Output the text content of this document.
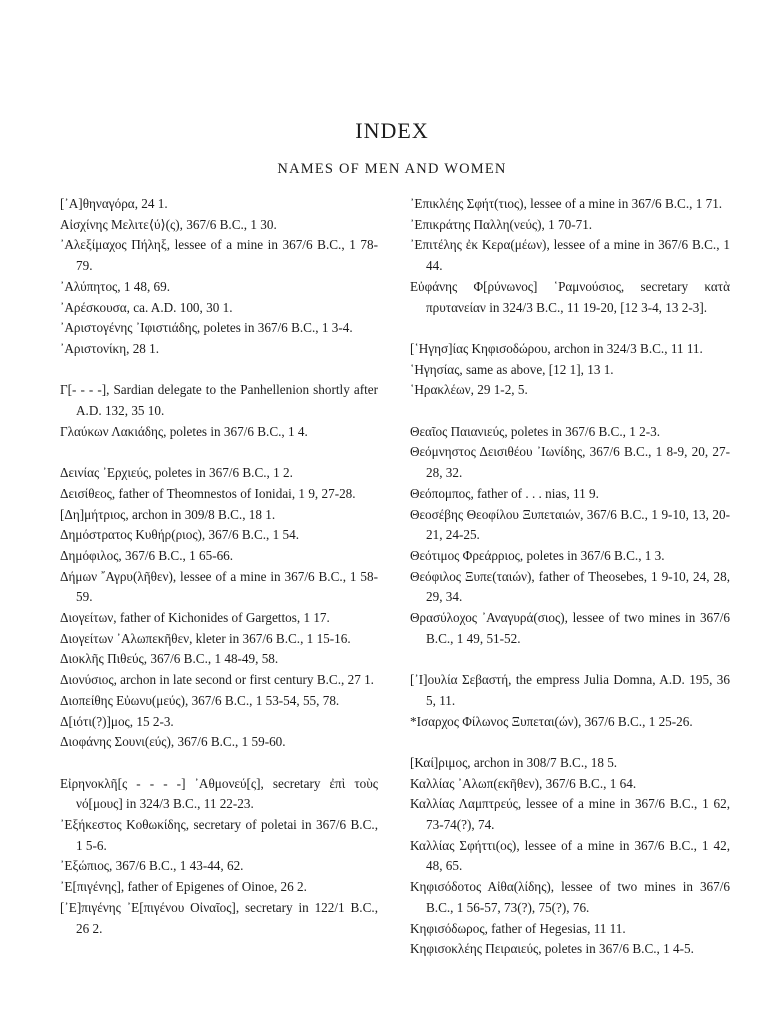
INDEX
NAMES OF MEN AND WOMEN
[᾿Α]θηναγόρα, 24 1.
Αἰσχίνης Μελιτε⟨ύ⟩(ς), 367/6 B.C., 1 30.
᾿Αλεξίμαχος Πήληξ, lessee of a mine in 367/6 B.C., 1 78-79.
᾿Αλύπητος, 1 48, 69.
᾿Αρέσκουσα, ca. A.D. 100, 30 1.
᾿Αριστογένης ᾿Ιφιστιάδης, poletes in 367/6 B.C., 1 3-4.
᾿Αριστονίκη, 28 1.
Γ[- - - -], Sardian delegate to the Panhellenion shortly after A.D. 132, 35 10.
Γλαύκων Λακιάδης, poletes in 367/6 B.C., 1 4.
Δεινίας ᾿Ερχιεύς, poletes in 367/6 B.C., 1 2.
Δεισίθεος, father of Theomnestos of Ionidai, 1 9, 27-28.
[Δη]μήτριος, archon in 309/8 B.C., 18 1.
Δημόστρατος Κυθήρ(ριος), 367/6 B.C., 1 54.
Δημόφιλος, 367/6 B.C., 1 65-66.
Δήμων ῎Αγρυ(λῆθεν), lessee of a mine in 367/6 B.C., 1 58-59.
Διογείτων, father of Kichonides of Gargettos, 1 17.
Διογείτων ᾿Αλωπεκῆθεν, kleter in 367/6 B.C., 1 15-16.
Διοκλῆς Πιθεύς, 367/6 B.C., 1 48-49, 58.
Διονύσιος, archon in late second or first century B.C., 27 1.
Διοπείθης Εὐωνυ(μεύς), 367/6 B.C., 1 53-54, 55, 78.
Δ[ιότι(?)]μος, 15 2-3.
Διοφάνης Σουνι(εύς), 367/6 B.C., 1 59-60.
Εἰρηνοκλῆ[ς - - - -] ᾿Αθμονεύ[ς], secretary ἐπὶ τοὺς νό[μους] in 324/3 B.C., 11 22-23.
᾿Εξήκεστος Κοθωκίδης, secretary of poletai in 367/6 B.C., 1 5-6.
᾿Εξώπιος, 367/6 B.C., 1 43-44, 62.
᾿Ε[πιγένης], father of Epigenes of Oinoe, 26 2.
[᾿Ε]πιγένης ᾿Ε[πιγένου Οἰναῖος], secretary in 122/1 B.C., 26 2.
᾿Επικλέης Σφήτ(τιος), lessee of a mine in 367/6 B.C., 1 71.
᾿Επικράτης Παλλη(νεύς), 1 70-71.
᾿Επιτέλης ἐκ Κερα(μέων), lessee of a mine in 367/6 B.C., 1 44.
Εὐφάνης Φ[ρύνωνος] ῾Ραμνούσιος, secretary κατὰ πρυτανείαν in 324/3 B.C., 11 19-20, [12 3-4, 13 2-3].
[῾Ηγησ]ίας Κηφισοδώρου, archon in 324/3 B.C., 11 11.
῾Ηγησίας, same as above, [12 1], 13 1.
῾Ηρακλέων, 29 1-2, 5.
Θεαῖος Παιανιεύς, poletes in 367/6 B.C., 1 2-3.
Θεόμνηστος Δεισιθέου ᾿Ιωνίδης, 367/6 B.C., 1 8-9, 20, 27-28, 32.
Θεόπομπος, father of . . . nias, 11 9.
Θεοσέβης Θεοφίλου Ξυπεταιών, 367/6 B.C., 1 9-10, 13, 20-21, 24-25.
Θεότιμος Φρεάρριος, poletes in 367/6 B.C., 1 3.
Θεόφιλος Ξυπε(ταιών), father of Theosebes, 1 9-10, 24, 28, 29, 34.
Θρασύλοχος ᾿Αναγυρά(σιος), lessee of two mines in 367/6 B.C., 1 49, 51-52.
[᾿Ι]ουλία Σεβαστή, the empress Julia Domna, A.D. 195, 36 5, 11.
*Ισαρχος Φίλωνος Ξυπεται(ών), 367/6 B.C., 1 25-26.
[Καί]ριμος, archon in 308/7 B.C., 18 5.
Καλλίας ᾿Αλωπ(εκῆθεν), 367/6 B.C., 1 64.
Καλλίας Λαμπτρεύς, lessee of a mine in 367/6 B.C., 1 62, 73-74(?), 74.
Καλλίας Σφήττι(ος), lessee of a mine in 367/6 B.C., 1 42, 48, 65.
Κηφισόδοτος Αἰθα(λίδης), lessee of two mines in 367/6 B.C., 1 56-57, 73(?), 75(?), 76.
Κηφισόδωρος, father of Hegesias, 11 11.
Κηφισοκλέης Πειραιεύς, poletes in 367/6 B.C., 1 4-5.
